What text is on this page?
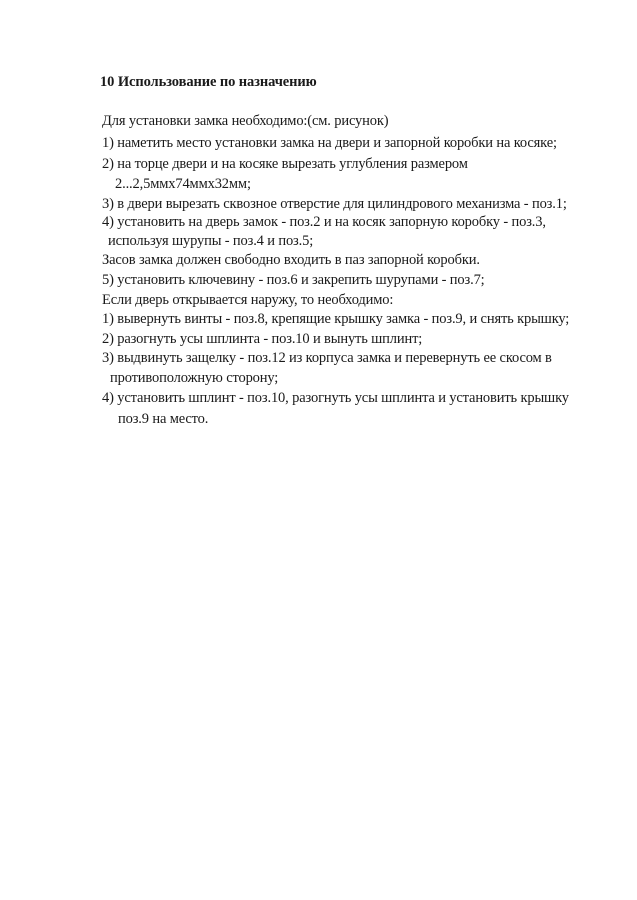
10 Использование по назначению
Для установки замка необходимо:(см. рисунок)
1) наметить место установки замка на двери и запорной коробки на косяке;
2) на торце двери и на косяке вырезать углубления размером
2...2,5ммх74ммх32мм;
3) в двери вырезать сквозное отверстие для цилиндрового механизма - поз.1;
4) установить на дверь замок - поз.2 и на косяк запорную коробку - поз.3,
используя шурупы - поз.4 и поз.5;
Засов замка должен свободно входить в паз запорной коробки.
5) установить ключевину - поз.6 и закрепить шурупами - поз.7;
Если дверь открывается наружу, то необходимо:
1) вывернуть винты - поз.8, крепящие крышку замка - поз.9, и снять крышку;
2) разогнуть усы шплинта - поз.10 и вынуть шплинт;
3) выдвинуть защелку - поз.12 из корпуса замка и перевернуть ее скосом в
противоположную сторону;
4) установить шплинт - поз.10, разогнуть усы шплинта и установить крышку
поз.9 на место.
